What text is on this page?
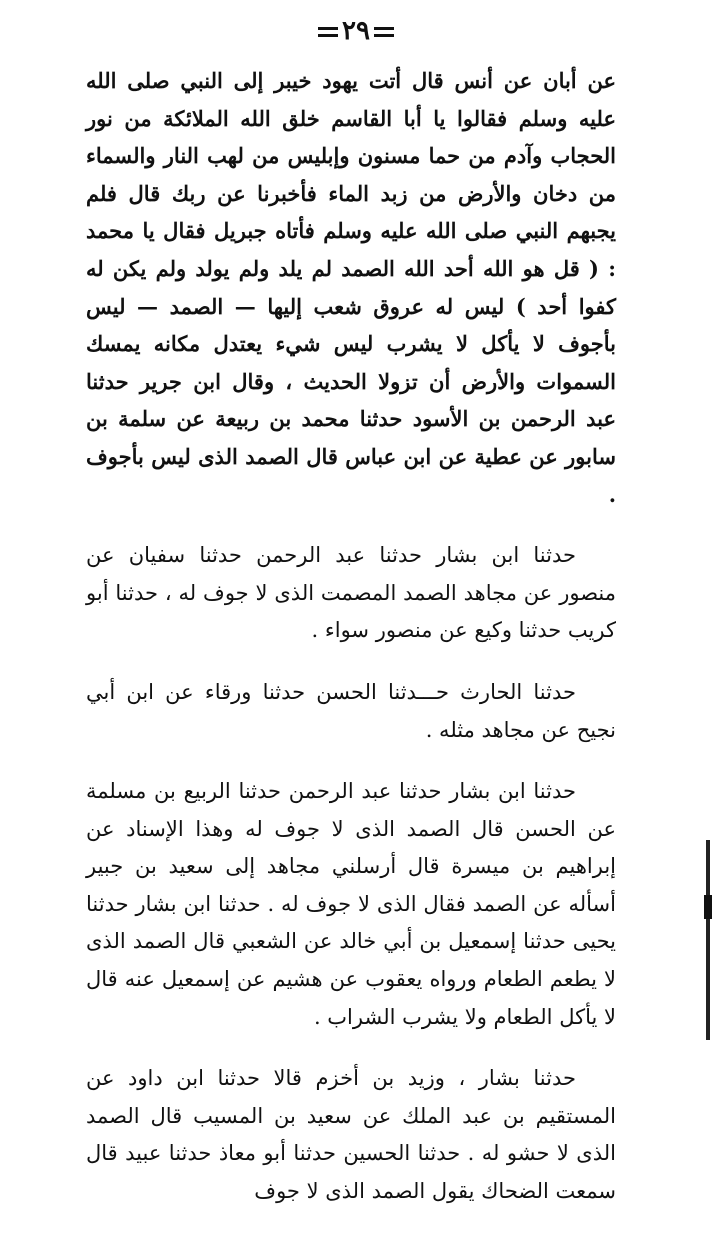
٢٩

عن أبان عن أنس قال أتت يهود خيبر إلى النبي صلى الله عليه وسلم فقالوا يا أبا القاسم خلق الله الملائكة من نور الحجاب وآدم من حما مسنون وإبليس من لهب النار والسماء من دخان والأرض من زبد الماء فأخبرنا عن ربك قال فلم يجبهم النبي صلى الله عليه وسلم فأتاه جبريل فقال يا محمد : ( قل هو الله أحد الله الصمد لم يلد ولم يولد ولم يكن له كفوا أحد ) ليس له عروق شعب إليها — الصمد — ليس بأجوف لا يأكل لا يشرب ليس شيء يعتدل مكانه يمسك السموات والأرض أن تزولا الحديث ، وقال ابن جرير حدثنا عبد الرحمن بن الأسود حدثنا محمد بن ربيعة عن سلمة بن سابور عن عطية عن ابن عباس قال الصمد الذى ليس بأجوف .

حدثنا ابن بشار حدثنا عبد الرحمن حدثنا سفيان عن منصور عن مجاهد الصمد المصمت الذى لا جوف له ، حدثنا أبو كريب حدثنا وكيع عن منصور سواء .

حدثنا الحارث حـــدثنا الحسن حدثنا ورقاء عن ابن أبي نجيح عن مجاهد مثله .

حدثنا ابن بشار حدثنا عبد الرحمن حدثنا الربيع بن مسلمة عن الحسن قال الصمد الذى لا جوف له وهذا الإسناد عن إبراهيم بن ميسرة قال أرسلني مجاهد إلى سعيد بن جبير أسأله عن الصمد فقال الذى لا جوف له . حدثنا ابن بشار حدثنا يحيى حدثنا إسمعيل بن أبي خالد عن الشعبي قال الصمد الذى لا يطعم الطعام ورواه يعقوب عن هشيم عن إسمعيل عنه قال لا يأكل الطعام ولا يشرب الشراب .

حدثنا بشار ، وزيد بن أخزم قالا حدثنا ابن داود عن المستقيم بن عبد الملك عن سعيد بن المسيب قال الصمد الذى لا حشو له . حدثنا الحسين حدثنا أبو معاذ حدثنا عبيد قال سمعت الضحاك يقول الصمد الذى لا جوف
